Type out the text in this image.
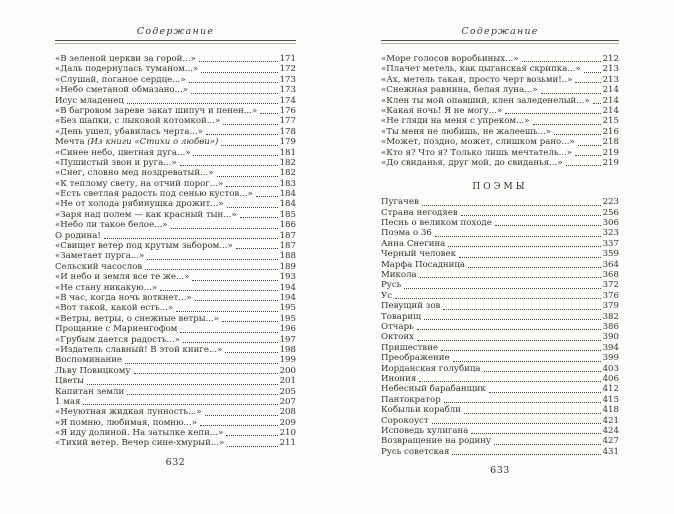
Содержание
«В зеленой церкви за горой...»	171
«Даль подернулась туманом...»	172
«Слушай, поганое сердце...»	173
«Небо сметаной обмазано...»	173
Исус младенец	174
«В багровом зареве закат шипуч и пенен...»	176
«Без шапки, с лыковой котомкой...»	177
«День ушел, убавилась черта...»	178
Мечта (Из книги «Стихи о любви»)	179
«Синее небо, цветная дуга...»	181
«Пушистый звон и руга...»	182
«Снег, словно мед ноздреватый...»	182
«К теплому свету, на отчий порог...»	183
«Есть светлая радость под сенью кустов...»	184
«Не от холода рябинушка дрожит...»	184
«Заря над полем — как красный тын...»	185
«Небо ли такое белое...»	186
О родина!	187
«Свищет ветер под крутым забором...»	187
«Заметает пурга...»	188
Сельский часослов	189
«И небо и земля все те же...»	193
«Не стану никакую...»	194
«В час, когда ночь воткнет...»	194
«Вот такой, какой есть...»	195
«Ветры, ветры, о снежные ветры...»	195
Прощание с Мариенгофом	196
«Грубым дается радость...»	197
«Издатель славный! В этой книге...»	198
Воспоминание	199
Льву Повицкому	200
Цветы	201
Капитан земли	205
1 мая	207
«Неуютная жидкая лунность...»	208
«Я помню, любимая, помню...»	209
«Я иду долиной. На затылке кепи...»	210
«Тихий ветер. Вечер сине-хмурый...»	211
632
Содержание
«Море голосов воробьиных...»	212
«Плачет метель, как цыганская скрипка...»	213
«Ах, метель такая, просто черт возьми!..»	213
«Снежная равнина, белая луна...»	214
«Клен ты мой опавший, клен заледенелый...» 214
«Какая ночь! Я не могу...»	214
«Не гляди на меня с упреком...»	215
«Ты меня не любишь, не жалеешь...»	216
«Может, поздно, может, слишком рано...»	218
«Кто я? Что я? Только лишь мечтатель...»	219
«До свиданья, друг мой, до свиданья...»	219
ПОЭМЫ
Пугачев	223
Страна негодяев	256
Песнь о великом походе	306
Поэма о 36	323
Анна Снегина	337
Черный человек	359
Марфа Посадница	364
Микола	368
Русь	372
Ус	376
Певущий зов	379
Товарищ	382
Отчарь	386
Октоих	390
Пришествие	394
Преображение	399
Иорданская голубица	403
Инония	406
Небесный барабанщик	412
Пантократор	415
Кобыльи корабли	418
Сорокоуст	421
Исповедь хулигана	424
Возвращение на родину	427
Русь советская	431
633
